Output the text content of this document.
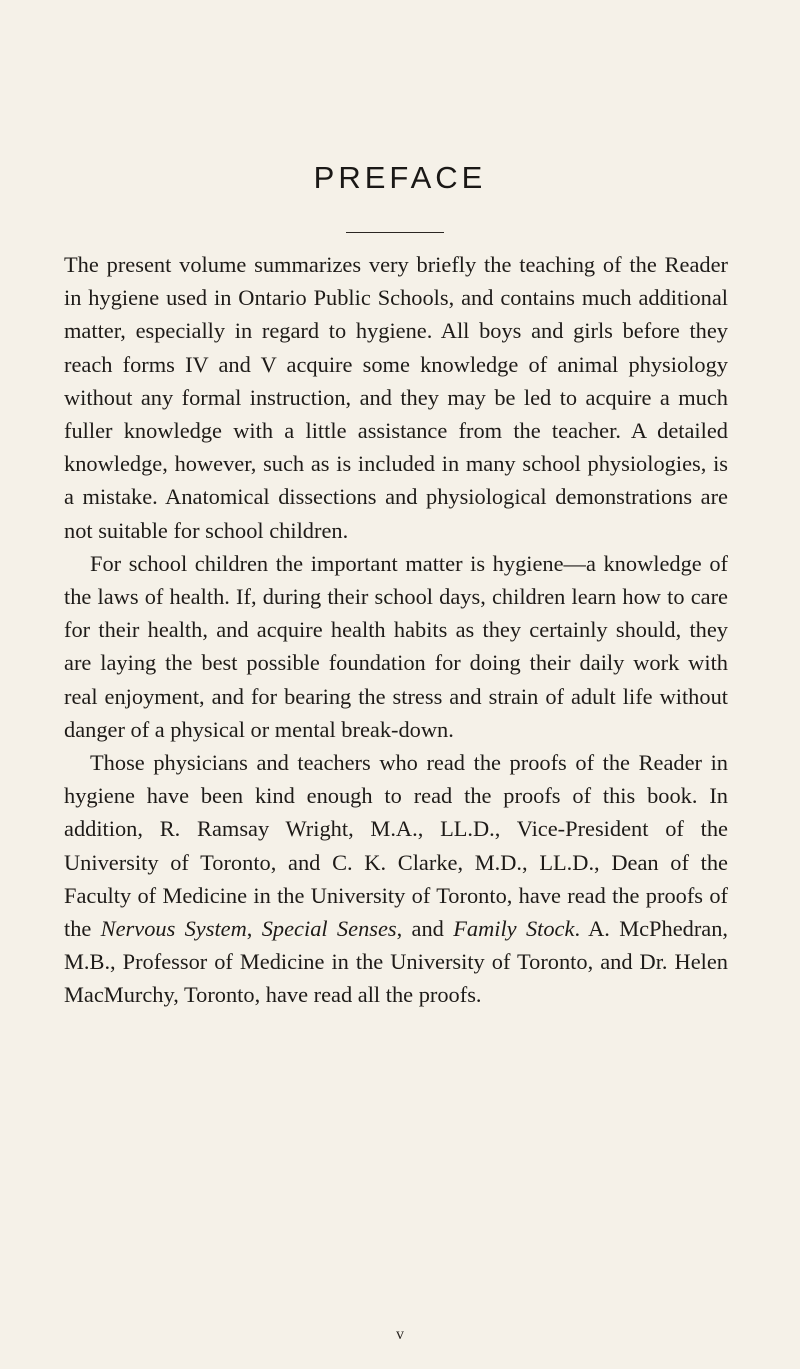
PREFACE

The present volume summarizes very briefly the teaching of the Reader in hygiene used in Ontario Public Schools, and contains much additional matter, especially in regard to hygiene. All boys and girls before they reach forms IV and V acquire some knowledge of animal physiology without any formal instruction, and they may be led to acquire a much fuller knowledge with a little assistance from the teacher. A detailed knowledge, however, such as is included in many school physiologies, is a mistake. Anatomical dissections and physiological demonstrations are not suitable for school children.

For school children the important matter is hygiene—a knowledge of the laws of health. If, during their school days, children learn how to care for their health, and acquire health habits as they certainly should, they are laying the best possible foundation for doing their daily work with real enjoyment, and for bearing the stress and strain of adult life without danger of a physical or mental break-down.

Those physicians and teachers who read the proofs of the Reader in hygiene have been kind enough to read the proofs of this book. In addition, R. Ramsay Wright, M.A., LL.D., Vice-President of the University of Toronto, and C. K. Clarke, M.D., LL.D., Dean of the Faculty of Medicine in the University of Toronto, have read the proofs of the Nervous System, Special Senses, and Family Stock. A. McPhedran, M.B., Professor of Medicine in the University of Toronto, and Dr. Helen MacMurchy, Toronto, have read all the proofs.

v
